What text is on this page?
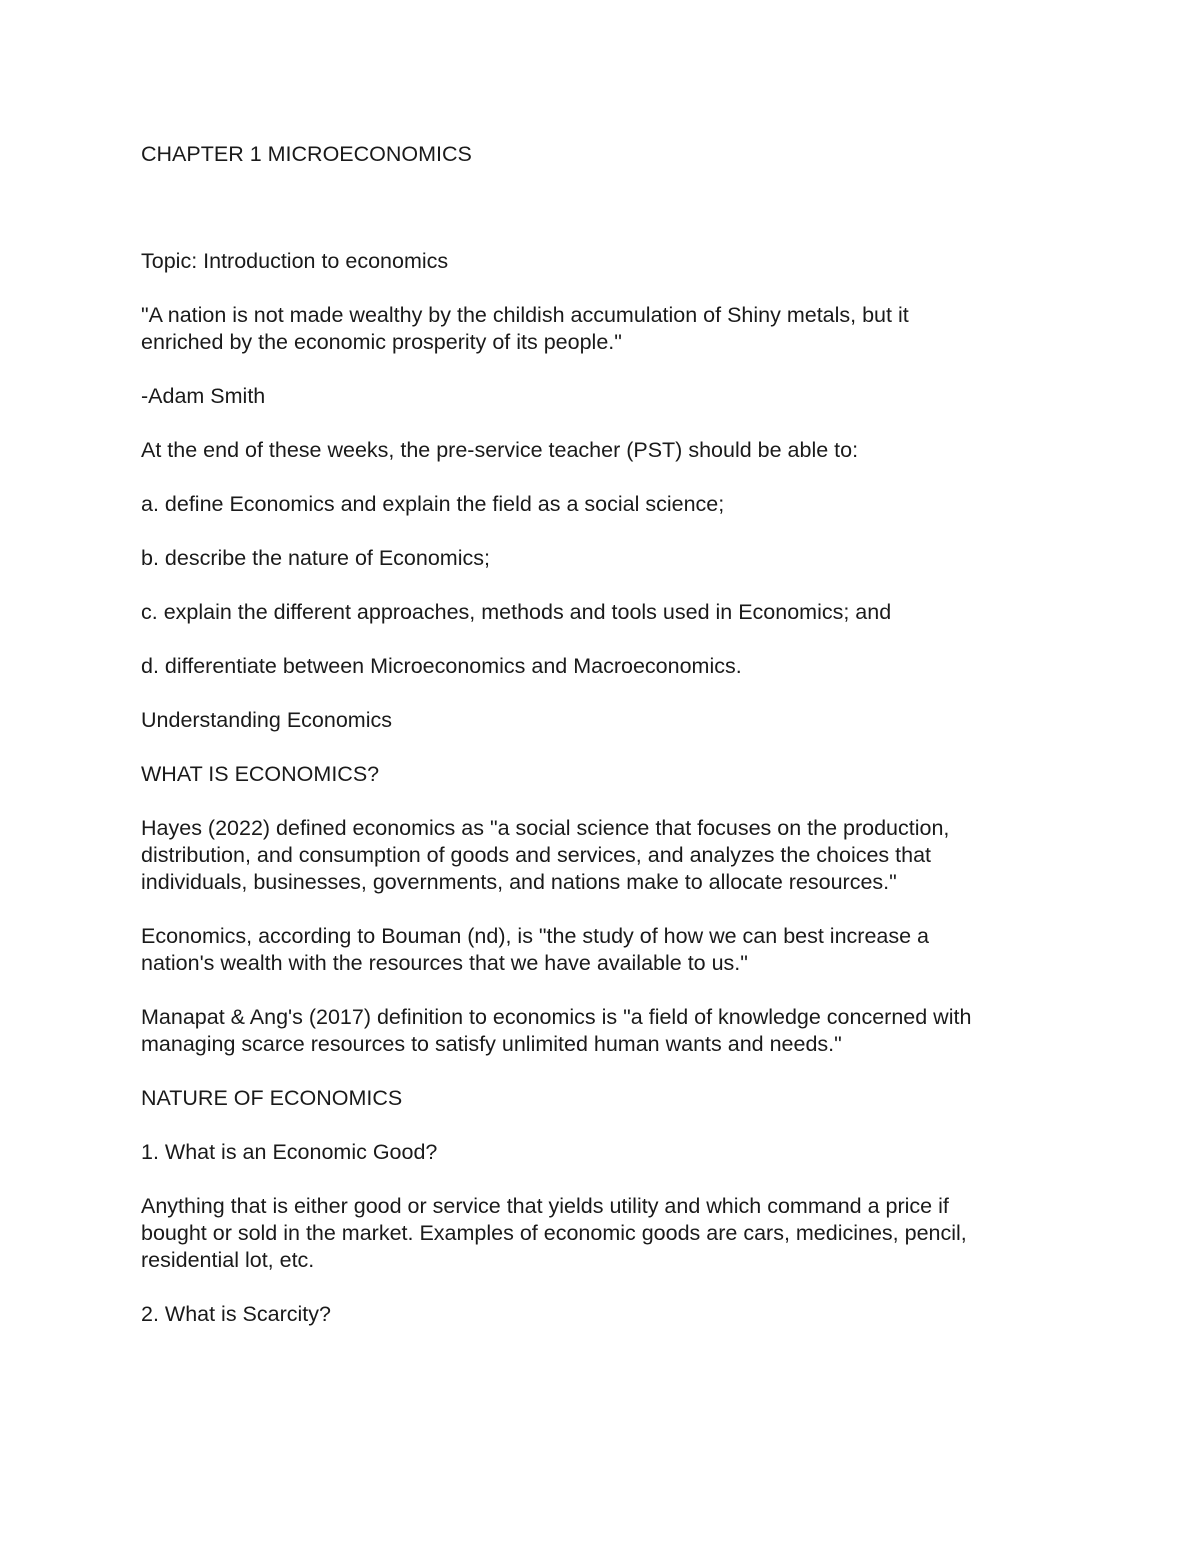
CHAPTER 1 MICROECONOMICS

Topic: Introduction to economics

"A nation is not made wealthy by the childish accumulation of Shiny metals, but it
enriched by the economic prosperity of its people."

-Adam Smith

At the end of these weeks, the pre-service teacher (PST) should be able to:

a. define Economics and explain the field as a social science;

b. describe the nature of Economics;

c. explain the different approaches, methods and tools used in Economics; and

d. differentiate between Microeconomics and Macroeconomics.

Understanding Economics

WHAT IS ECONOMICS?

Hayes (2022) defined economics as "a social science that focuses on the production,
distribution, and consumption of goods and services, and analyzes the choices that
individuals, businesses, governments, and nations make to allocate resources."

Economics, according to Bouman (nd), is "the study of how we can best increase a
nation's wealth with the resources that we have available to us."

Manapat & Ang's (2017) definition to economics is "a field of knowledge concerned with
managing scarce resources to satisfy unlimited human wants and needs."

NATURE OF ECONOMICS

1. What is an Economic Good?

Anything that is either good or service that yields utility and which command a price if
bought or sold in the market. Examples of economic goods are cars, medicines, pencil,
residential lot, etc.

2. What is Scarcity?
